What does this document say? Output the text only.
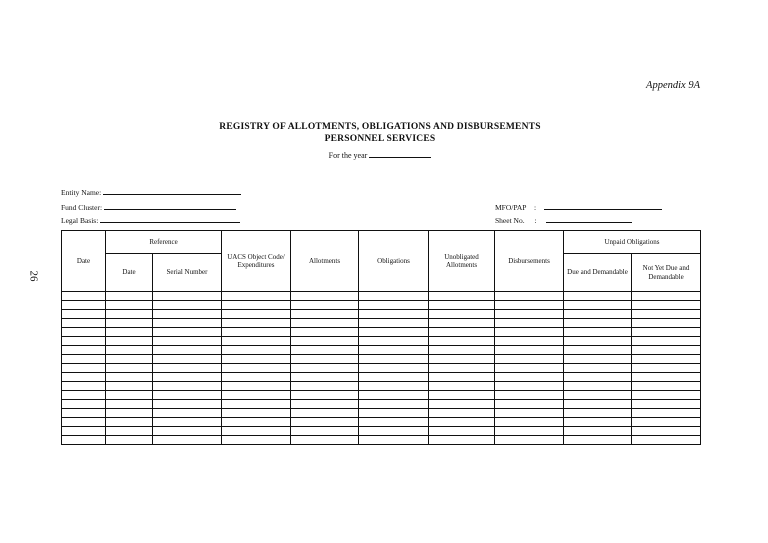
Appendix 9A
REGISTRY OF ALLOTMENTS, OBLIGATIONS AND DISBURSEMENTS
PERSONNEL SERVICES
For the year
Entity Name:
Fund Cluster:
Legal Basis:
MFO/PAP :
Sheet No. :
26
Date	Reference		UACS Object Code/ Expenditures	Allotments	Obligations	Unobligated Allotments	Disbursements	Unpaid Obligations	
	Date	Serial Number						Due and Demandable	Not Yet Due and Demandable
